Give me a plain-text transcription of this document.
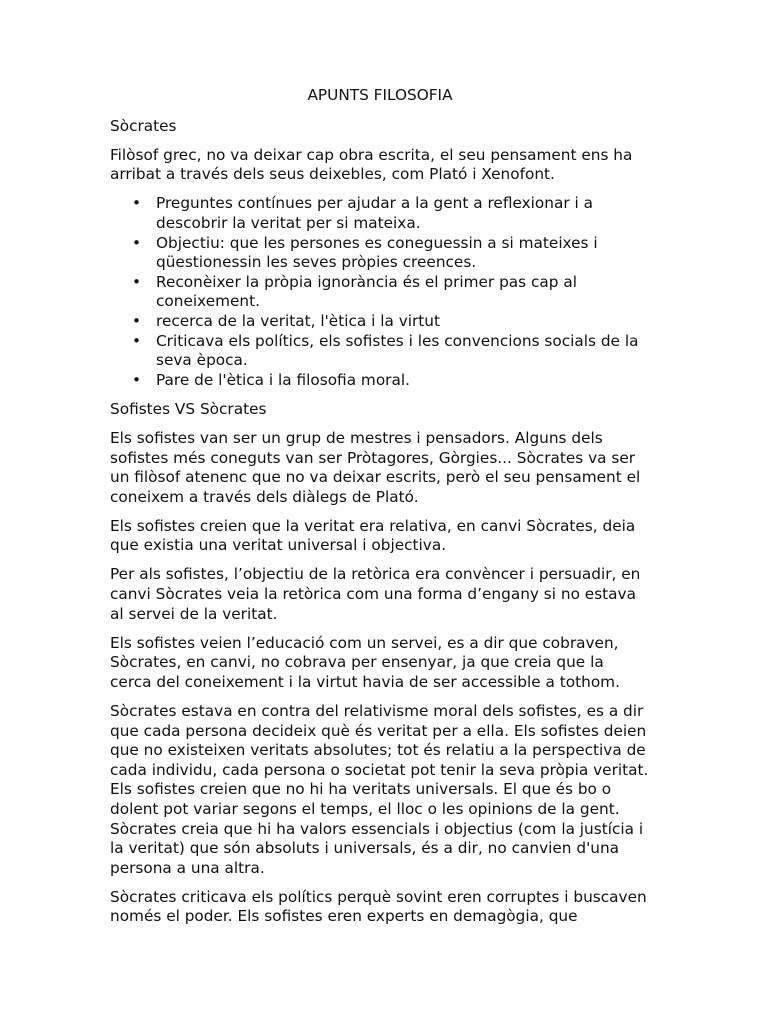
APUNTS FILOSOFIA

Sòcrates

Filòsof grec, no va deixar cap obra escrita, el seu pensament ens ha arribat a través dels seus deixebles, com Plató i Xenofont.

• Preguntes contínues per ajudar a la gent a reflexionar i a descobrir la veritat per si mateixa.
• Objectiu: que les persones es coneguessin a si mateixes i qüestionessin les seves pròpies creences.
• Reconèixer la pròpia ignorància és el primer pas cap al coneixement.
• recerca de la veritat, l'ètica i la virtut
• Criticava els polítics, els sofistes i les convencions socials de la seva època.
• Pare de l'ètica i la filosofia moral.

Sofistes VS Sòcrates

Els sofistes van ser un grup de mestres i pensadors. Alguns dels sofistes més coneguts van ser Pròtagores, Gòrgies... Sòcrates va ser un filòsof atenenc que no va deixar escrits, però el seu pensament el coneixem a través dels diàlegs de Plató.

Els sofistes creien que la veritat era relativa, en canvi Sòcrates, deia que existia una veritat universal i objectiva.

Per als sofistes, l’objectiu de la retòrica era convèncer i persuadir, en canvi Sòcrates veia la retòrica com una forma d’engany si no estava al servei de la veritat.

Els sofistes veien l’educació com un servei, es a dir que cobraven, Sòcrates, en canvi, no cobrava per ensenyar, ja que creia que la cerca del coneixement i la virtut havia de ser accessible a tothom.

Sòcrates estava en contra del relativisme moral dels sofistes, es a dir que cada persona decideix què és veritat per a ella. Els sofistes deien que no existeixen veritats absolutes; tot és relatiu a la perspectiva de cada individu, cada persona o societat pot tenir la seva pròpia veritat. Els sofistes creien que no hi ha veritats universals. El que és bo o dolent pot variar segons el temps, el lloc o les opinions de la gent. Sòcrates creia que hi ha valors essencials i objectius (com la justícia i la veritat) que són absoluts i universals, és a dir, no canvien d'una persona a una altra.

Sòcrates criticava els polítics perquè sovint eren corruptes i buscaven només el poder. Els sofistes eren experts en demagògia, que
